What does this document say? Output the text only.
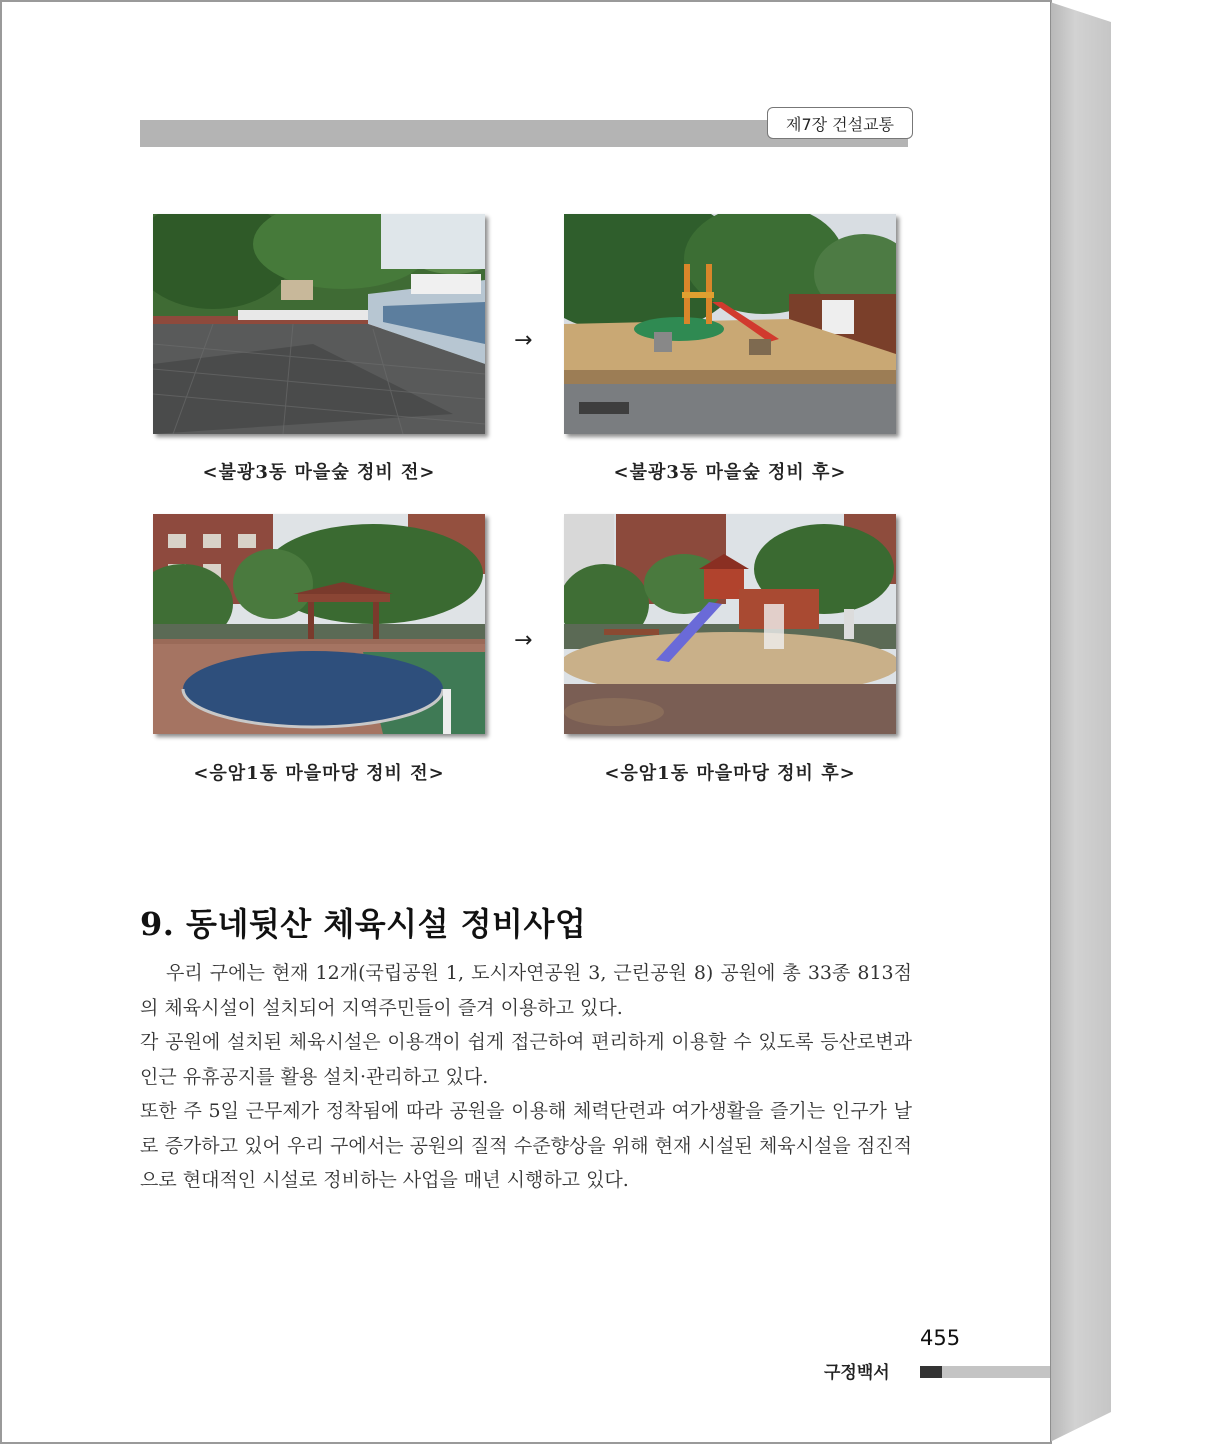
제7장 건설교통
→
<불광3동 마을숲 정비 전>	<불광3동 마을숲 정비 후>
→
<응암1동 마을마당 정비 전>	<응암1동 마을마당 정비 후>
9. 동네뒷산 체육시설 정비사업

우리 구에는 현재 12개(국립공원 1, 도시자연공원 3, 근린공원 8) 공원에 총 33종 813점의 체육시설이 설치되어 지역주민들이 즐겨 이용하고 있다.

각 공원에 설치된 체육시설은 이용객이 쉽게 접근하여 편리하게 이용할 수 있도록 등산로변과 인근 유휴공지를 활용 설치·관리하고 있다.

또한 주 5일 근무제가 정착됨에 따라 공원을 이용해 체력단련과 여가생활을 즐기는 인구가 날로 증가하고 있어 우리 구에서는 공원의 질적 수준향상을 위해 현재 시설된 체육시설을 점진적으로 현대적인 시설로 정비하는 사업을 매년 시행하고 있다.

455
구정백서
